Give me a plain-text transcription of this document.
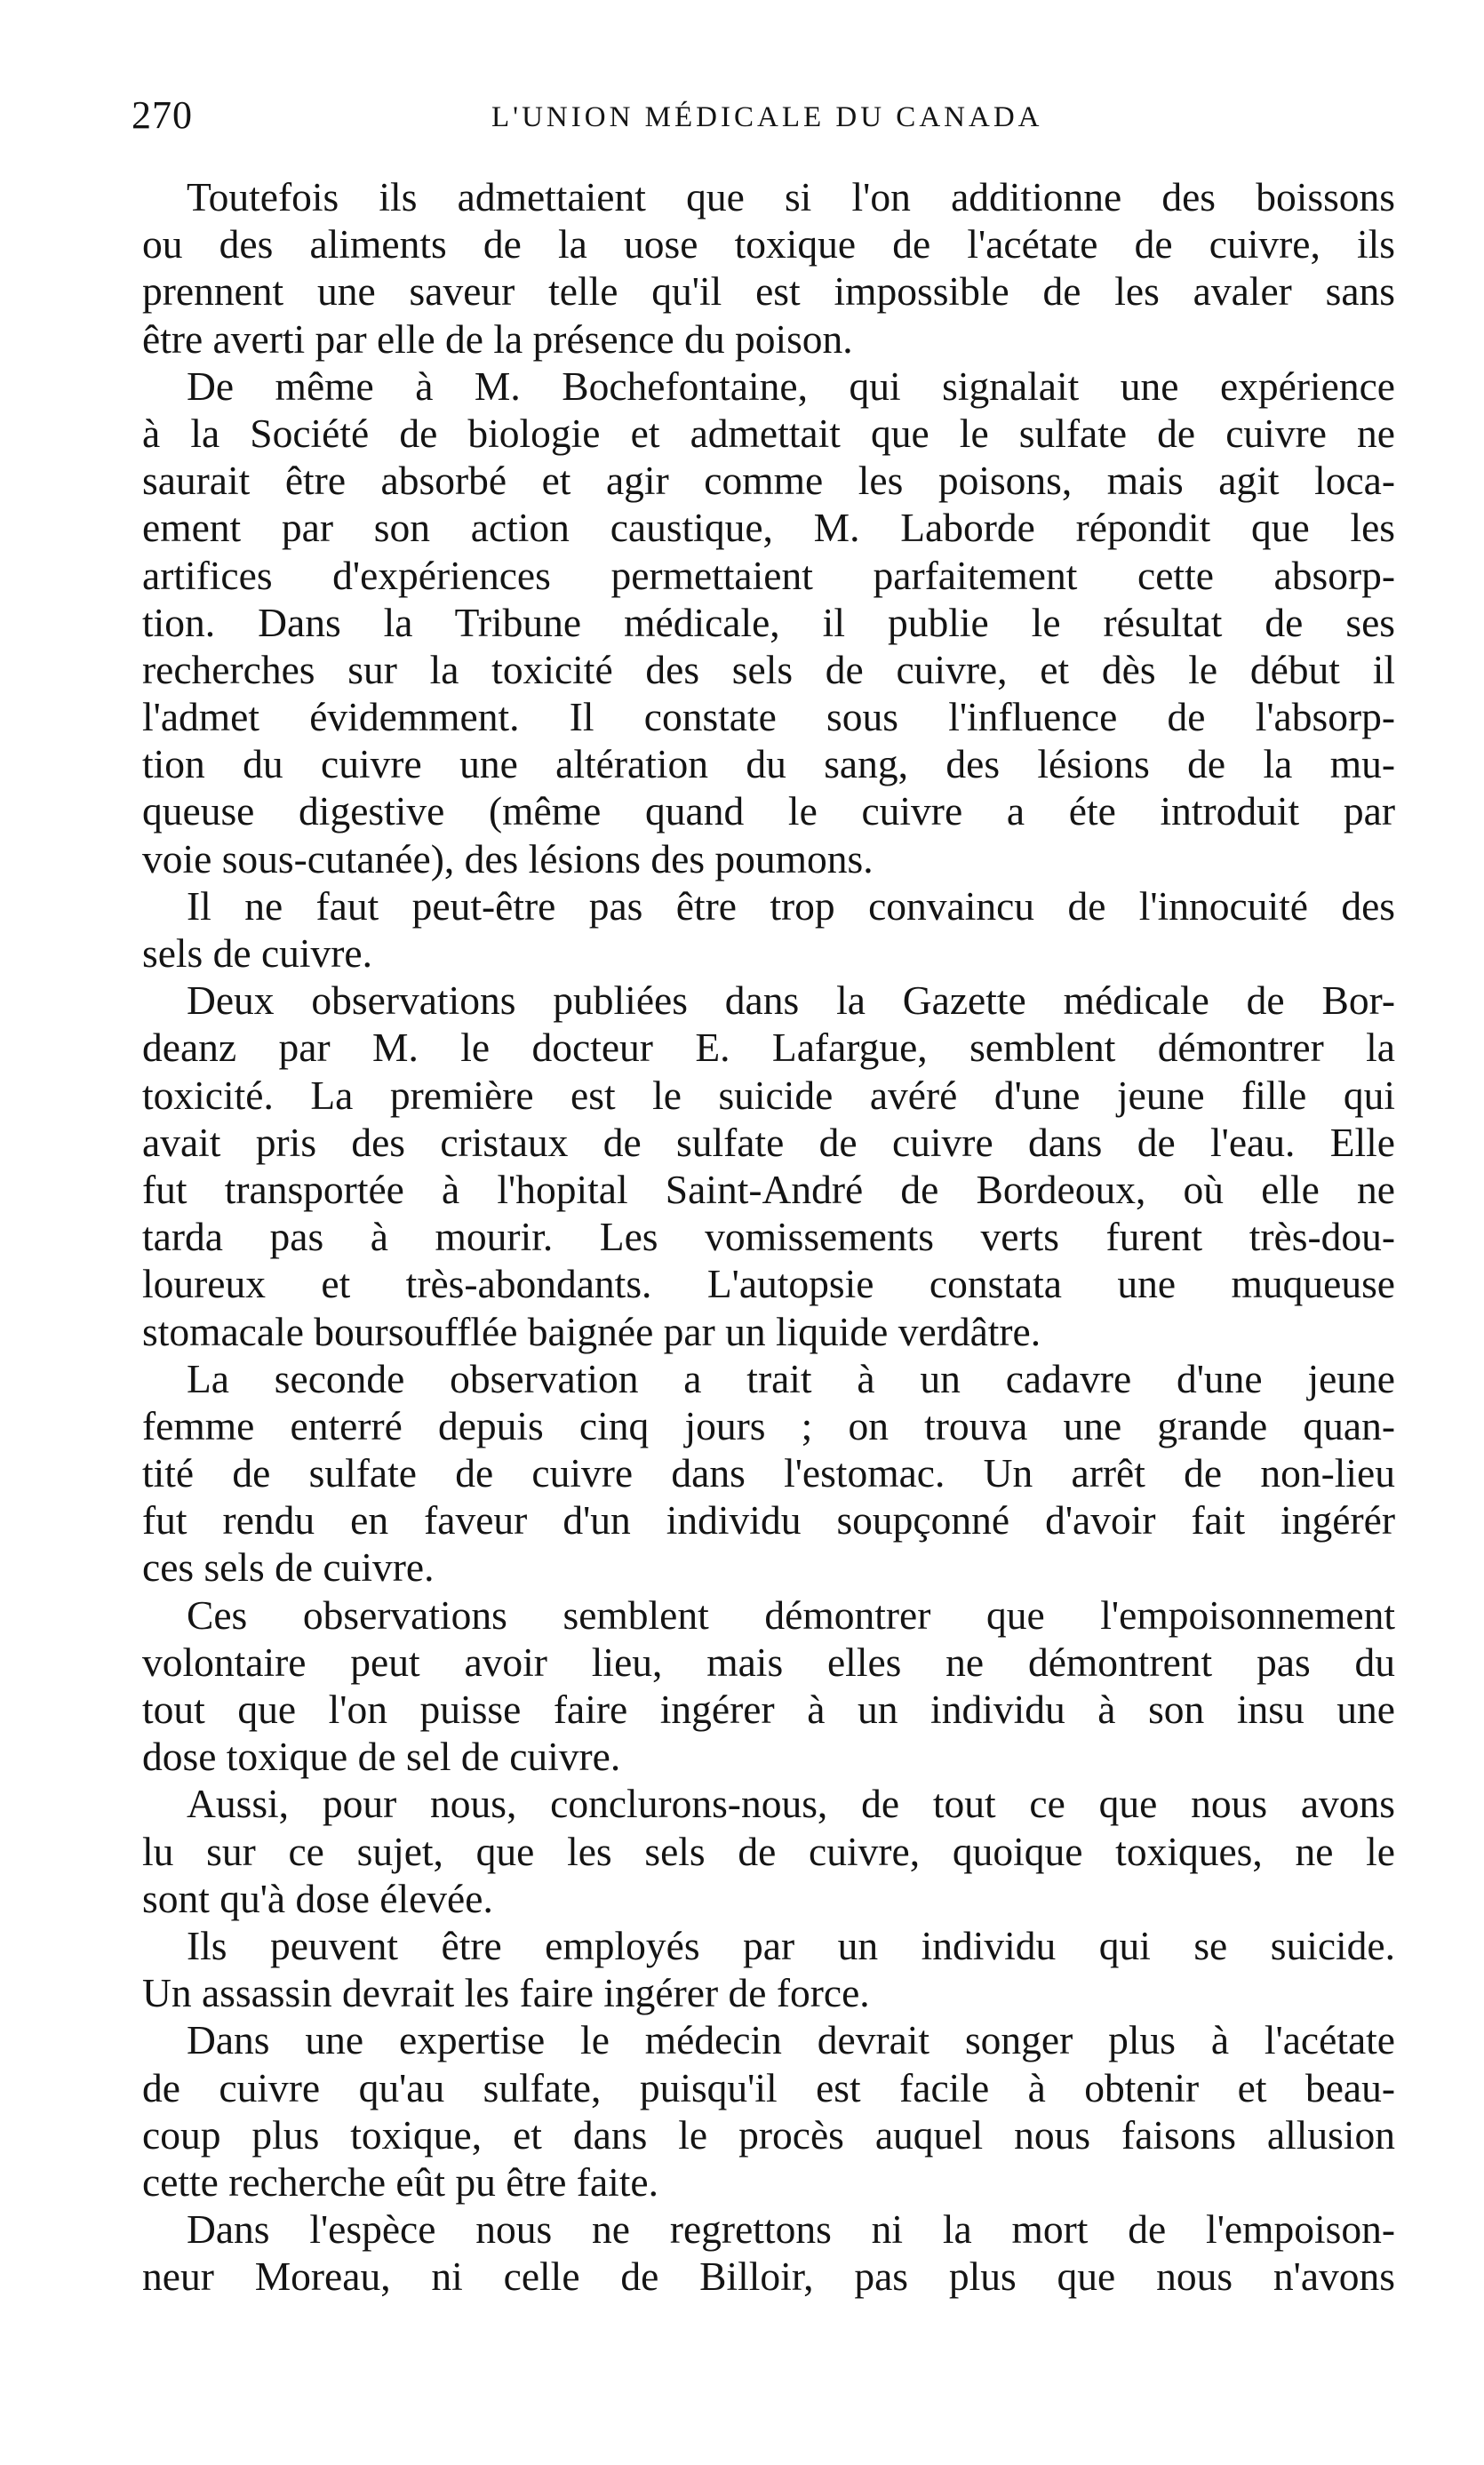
270	L'UNION MÉDICALE DU CANADA
Toutefois ils admettaient que si l'on additionne des boissons
ou des aliments de la uose toxique de l'acétate de cuivre, ils
prennent une saveur telle qu'il est impossible de les avaler sans
être averti par elle de la présence du poison.
De même à M. Bochefontaine, qui signalait une expérience
à la Société de biologie et admettait que le sulfate de cuivre ne
saurait être absorbé et agir comme les poisons, mais agit loca-
ement par son action caustique, M. Laborde répondit que les
artifices d'expériences permettaient parfaitement cette absorp-
tion. Dans la Tribune médicale, il publie le résultat de ses
recherches sur la toxicité des sels de cuivre, et dès le début il
l'admet évidemment. Il constate sous l'influence de l'absorp-
tion du cuivre une altération du sang, des lésions de la mu-
queuse digestive (même quand le cuivre a éte introduit par
voie sous-cutanée), des lésions des poumons.
Il ne faut peut-être pas être trop convaincu de l'innocuité des
sels de cuivre.
Deux observations publiées dans la Gazette médicale de Bor-
deanz par M. le docteur E. Lafargue, semblent démontrer la
toxicité. La première est le suicide avéré d'une jeune fille qui
avait pris des cristaux de sulfate de cuivre dans de l'eau. Elle
fut transportée à l'hopital Saint-André de Bordeoux, où elle ne
tarda pas à mourir. Les vomissements verts furent très-dou-
loureux et très-abondants. L'autopsie constata une muqueuse
stomacale boursoufflée baignée par un liquide verdâtre.
La seconde observation a trait à un cadavre d'une jeune
femme enterré depuis cinq jours ; on trouva une grande quan-
tité de sulfate de cuivre dans l'estomac. Un arrêt de non-lieu
fut rendu en faveur d'un individu soupçonné d'avoir fait ingérér
ces sels de cuivre.
Ces observations semblent démontrer que l'empoisonnement
volontaire peut avoir lieu, mais elles ne démontrent pas du
tout que l'on puisse faire ingérer à un individu à son insu une
dose toxique de sel de cuivre.
Aussi, pour nous, conclurons-nous, de tout ce que nous avons
lu sur ce sujet, que les sels de cuivre, quoique toxiques, ne le
sont qu'à dose élevée.
Ils peuvent être employés par un individu qui se suicide.
Un assassin devrait les faire ingérer de force.
Dans une expertise le médecin devrait songer plus à l'acétate
de cuivre qu'au sulfate, puisqu'il est facile à obtenir et beau-
coup plus toxique, et dans le procès auquel nous faisons allusion
cette recherche eût pu être faite.
Dans l'espèce nous ne regrettons ni la mort de l'empoison-
neur Moreau, ni celle de Billoir, pas plus que nous n'avons
